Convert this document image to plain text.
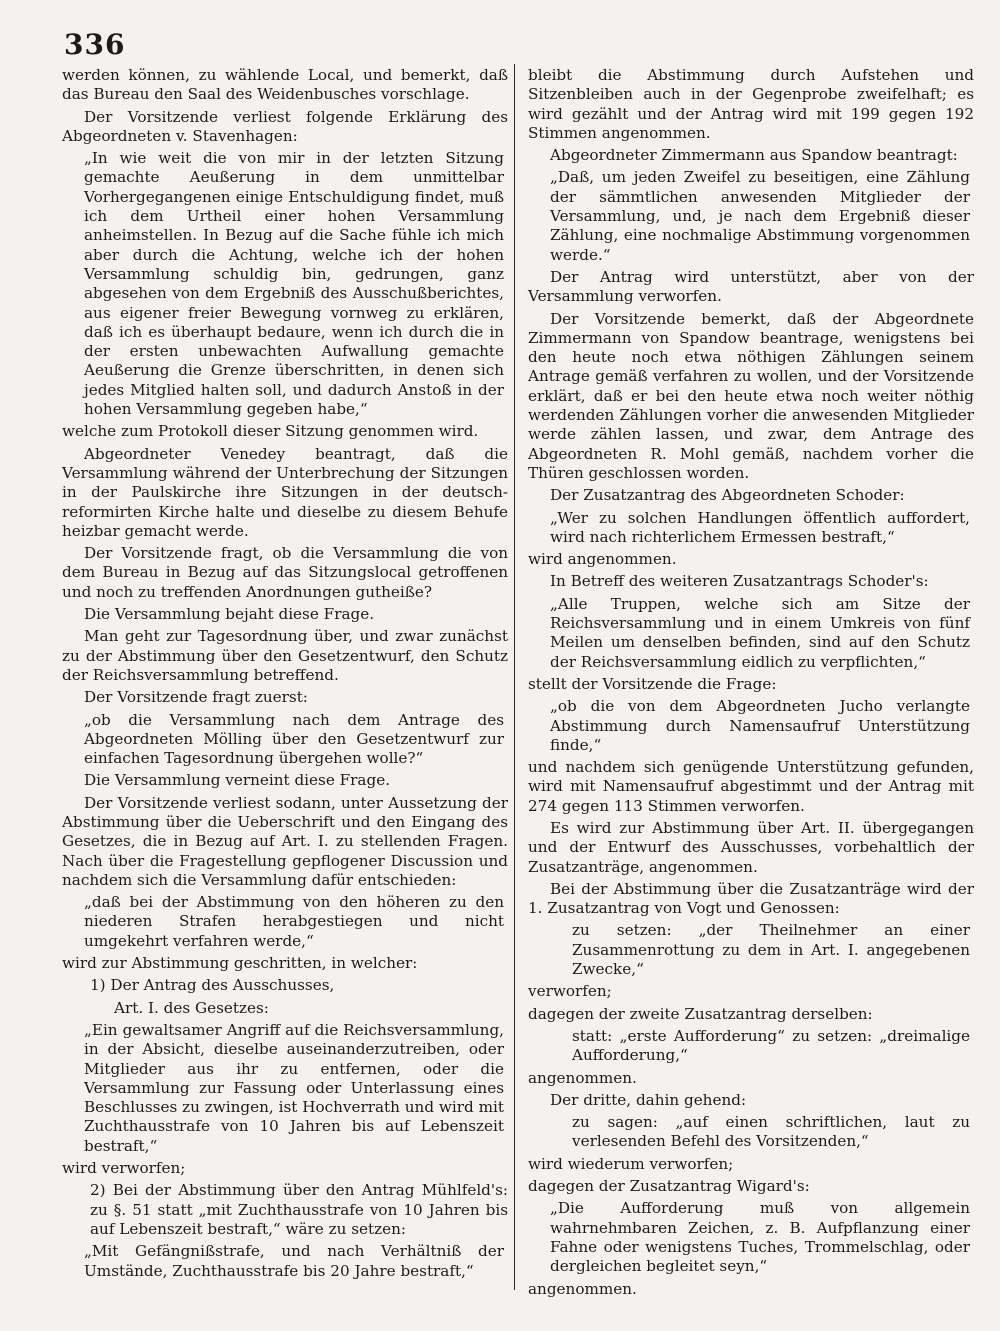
336

werden können, zu wählende Local, und bemerkt, daß das Bureau den Saal des Weidenbusches vorschlage.

Der Vorsitzende verliest folgende Erklärung des Abgeordneten v. Stavenhagen:

„In wie weit die von mir in der letzten Sitzung gemachte Aeußerung in dem unmittelbar Vorhergegangenen einige Entschuldigung findet, muß ich dem Urtheil einer hohen Versammlung anheimstellen. In Bezug auf die Sache fühle ich mich aber durch die Achtung, welche ich der hohen Versammlung schuldig bin, gedrungen, ganz abgesehen von dem Ergebniß des Ausschußberichtes, aus eigener freier Bewegung vornweg zu erklären, daß ich es überhaupt bedaure, wenn ich durch die in der ersten unbewachten Aufwallung gemachte Aeußerung die Grenze überschritten, in denen sich jedes Mitglied halten soll, und dadurch Anstoß in der hohen Versammlung gegeben habe,“

welche zum Protokoll dieser Sitzung genommen wird.

Abgeordneter Venedey beantragt, daß die Versammlung während der Unterbrechung der Sitzungen in der Paulskirche ihre Sitzungen in der deutsch-reformirten Kirche halte und dieselbe zu diesem Behufe heizbar gemacht werde.

Der Vorsitzende fragt, ob die Versammlung die von dem Bureau in Bezug auf das Sitzungslocal getroffenen und noch zu treffenden Anordnungen gutheiße?

Die Versammlung bejaht diese Frage.

Man geht zur Tagesordnung über, und zwar zunächst zu der Abstimmung über den Gesetzentwurf, den Schutz der Reichsversammlung betreffend.

Der Vorsitzende fragt zuerst:

„ob die Versammlung nach dem Antrage des Abgeordneten Mölling über den Gesetzentwurf zur einfachen Tagesordnung übergehen wolle?“

Die Versammlung verneint diese Frage.

Der Vorsitzende verliest sodann, unter Aussetzung der Abstimmung über die Ueberschrift und den Eingang des Gesetzes, die in Bezug auf Art. I. zu stellenden Fragen. Nach über die Fragestellung gepflogener Discussion und nachdem sich die Versammlung dafür entschieden:

„daß bei der Abstimmung von den höheren zu den niederen Strafen herabgestiegen und nicht umgekehrt verfahren werde,“

wird zur Abstimmung geschritten, in welcher:

1) Der Antrag des Ausschusses,

Art. I. des Gesetzes:

„Ein gewaltsamer Angriff auf die Reichsversammlung, in der Absicht, dieselbe auseinanderzutreiben, oder Mitglieder aus ihr zu entfernen, oder die Versammlung zur Fassung oder Unterlassung eines Beschlusses zu zwingen, ist Hochverrath und wird mit Zuchthausstrafe von 10 Jahren bis auf Lebenszeit bestraft,“

wird verworfen;

2) Bei der Abstimmung über den Antrag Mühlfeld's: zu §. 51 statt „mit Zuchthausstrafe von 10 Jahren bis auf Lebenszeit bestraft,“ wäre zu setzen:

„Mit Gefängnißstrafe, und nach Verhältniß der Umstände, Zuchthausstrafe bis 20 Jahre bestraft,“

bleibt die Abstimmung durch Aufstehen und Sitzenbleiben auch in der Gegenprobe zweifelhaft; es wird gezählt und der Antrag wird mit 199 gegen 192 Stimmen angenommen.

Abgeordneter Zimmermann aus Spandow beantragt:

„Daß, um jeden Zweifel zu beseitigen, eine Zählung der sämmtlichen anwesenden Mitglieder der Versammlung, und, je nach dem Ergebniß dieser Zählung, eine nochmalige Abstimmung vorgenommen werde.“

Der Antrag wird unterstützt, aber von der Versammlung verworfen.

Der Vorsitzende bemerkt, daß der Abgeordnete Zimmermann von Spandow beantrage, wenigstens bei den heute noch etwa nöthigen Zählungen seinem Antrage gemäß verfahren zu wollen, und der Vorsitzende erklärt, daß er bei den heute etwa noch weiter nöthig werdenden Zählungen vorher die anwesenden Mitglieder werde zählen lassen, und zwar, dem Antrage des Abgeordneten R. Mohl gemäß, nachdem vorher die Thüren geschlossen worden.

Der Zusatzantrag des Abgeordneten Schoder:

„Wer zu solchen Handlungen öffentlich auffordert, wird nach richterlichem Ermessen bestraft,“

wird angenommen.

In Betreff des weiteren Zusatzantrags Schoder's:

„Alle Truppen, welche sich am Sitze der Reichsversammlung und in einem Umkreis von fünf Meilen um denselben befinden, sind auf den Schutz der Reichsversammlung eidlich zu verpflichten,“

stellt der Vorsitzende die Frage:

„ob die von dem Abgeordneten Jucho verlangte Abstimmung durch Namensaufruf Unterstützung finde,“

und nachdem sich genügende Unterstützung gefunden, wird mit Namensaufruf abgestimmt und der Antrag mit 274 gegen 113 Stimmen verworfen.

Es wird zur Abstimmung über Art. II. übergegangen und der Entwurf des Ausschusses, vorbehaltlich der Zusatzanträge, angenommen.

Bei der Abstimmung über die Zusatzanträge wird der 1. Zusatzantrag von Vogt und Genossen:

zu setzen: „der Theilnehmer an einer Zusammenrottung zu dem in Art. I. angegebenen Zwecke,“

verworfen;

dagegen der zweite Zusatzantrag derselben:

statt: „erste Aufforderung“ zu setzen: „dreimalige Aufforderung,“

angenommen.

Der dritte, dahin gehend:

zu sagen: „auf einen schriftlichen, laut zu verlesenden Befehl des Vorsitzenden,“

wird wiederum verworfen;

dagegen der Zusatzantrag Wigard's:

„Die Aufforderung muß von allgemein wahrnehmbaren Zeichen, z. B. Aufpflanzung einer Fahne oder wenigstens Tuches, Trommelschlag, oder dergleichen begleitet seyn,“

angenommen.
